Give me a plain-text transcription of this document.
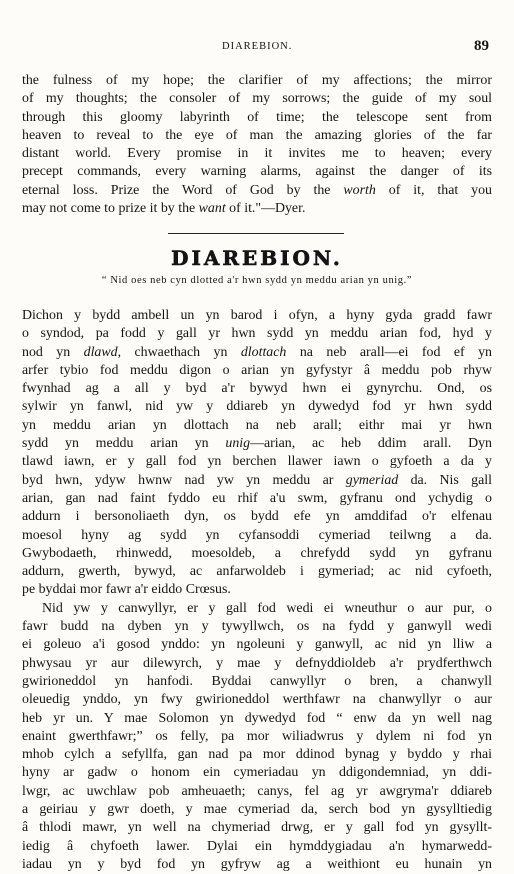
DIAREBION.	89
the fulness of my hope; the clarifier of my affections; the mirror
of my thoughts; the consoler of my sorrows; the guide of my soul
through this gloomy labyrinth of time; the telescope sent from
heaven to reveal to the eye of man the amazing glories of the far
distant world. Every promise in it invites me to heaven; every
precept commands, every warning alarms, against the danger of its
eternal loss. Prize the Word of God by the worth of it, that you
may not come to prize it by the want of it."—Dyer.
DIAREBION.
“ Nid oes neb cyn dlotted a'r hwn sydd yn meddu arian yn unig.”
Dichon y bydd ambell un yn barod i ofyn, a hyny gyda gradd fawr
o syndod, pa fodd y gall yr hwn sydd yn meddu arian fod, hyd y
nod yn dlawd, chwaethach yn dlottach na neb arall—ei fod ef yn
arfer tybio fod meddu digon o arian yn gyfystyr â meddu pob rhyw
fwynhad ag a all y byd a'r bywyd hwn ei gynyrchu. Ond, os
sylwir yn fanwl, nid yw y ddiareb yn dywedyd fod yr hwn sydd
yn meddu arian yn dlottach na neb arall; eithr mai yr hwn
sydd yn meddu arian yn unig—arian, ac heb ddim arall. Dyn
tlawd iawn, er y gall fod yn berchen llawer iawn o gyfoeth a da y
byd hwn, ydyw hwnw nad yw yn meddu ar gymeriad da. Nis gall
arian, gan nad faint fyddo eu rhif a'u swm, gyfranu ond ychydig o
addurn i bersonoliaeth dyn, os bydd efe yn amddifad o'r elfenau
moesol hyny ag sydd yn cyfansoddi cymeriad teilwng a da.
Gwybodaeth, rhinwedd, moesoldeb, a chrefydd sydd yn gyfranu
addurn, gwerth, bywyd, ac anfarwoldeb i gymeriad; ac nid cyfoeth,
pe byddai mor fawr a'r eiddo Crœsus.
Nid yw y canwyllyr, er y gall fod wedi ei wneuthur o aur pur, o
fawr budd na dyben yn y tywyllwch, os na fydd y ganwyll wedi
ei goleuo a'i gosod ynddo: yn ngoleuni y ganwyll, ac nid yn lliw a
phwysau yr aur dilewyrch, y mae y defnyddioldeb a'r prydferthwch
gwirioneddol yn hanfodi. Byddai canwyllyr o bren, a chanwyll
oleuedig ynddo, yn fwy gwirioneddol werthfawr na chanwyllyr o aur
heb yr un. Y mae Solomon yn dywedyd fod “ enw da yn well nag
enaint gwerthfawr;” os felly, pa mor wiliadwrus y dylem ni fod yn
mhob cylch a sefyllfa, gan nad pa mor ddinod bynag y byddo y rhai
hyny ar gadw o honom ein cymeriadau yn ddigondemniad, yn ddi-
lwgr, ac uwchlaw pob amheuaeth; canys, fel ag yr awgryma'r ddiareb
a geiriau y gwr doeth, y mae cymeriad da, serch bod yn gysylltiedig
â thlodi mawr, yn well na chymeriad drwg, er y gall fod yn gysyllt-
iedig â chyfoeth lawer. Dylai ein hymddygiadau a'n hymarwedd-
iadau yn y byd fod yn gyfryw ag a weithiont eu hunain yn
